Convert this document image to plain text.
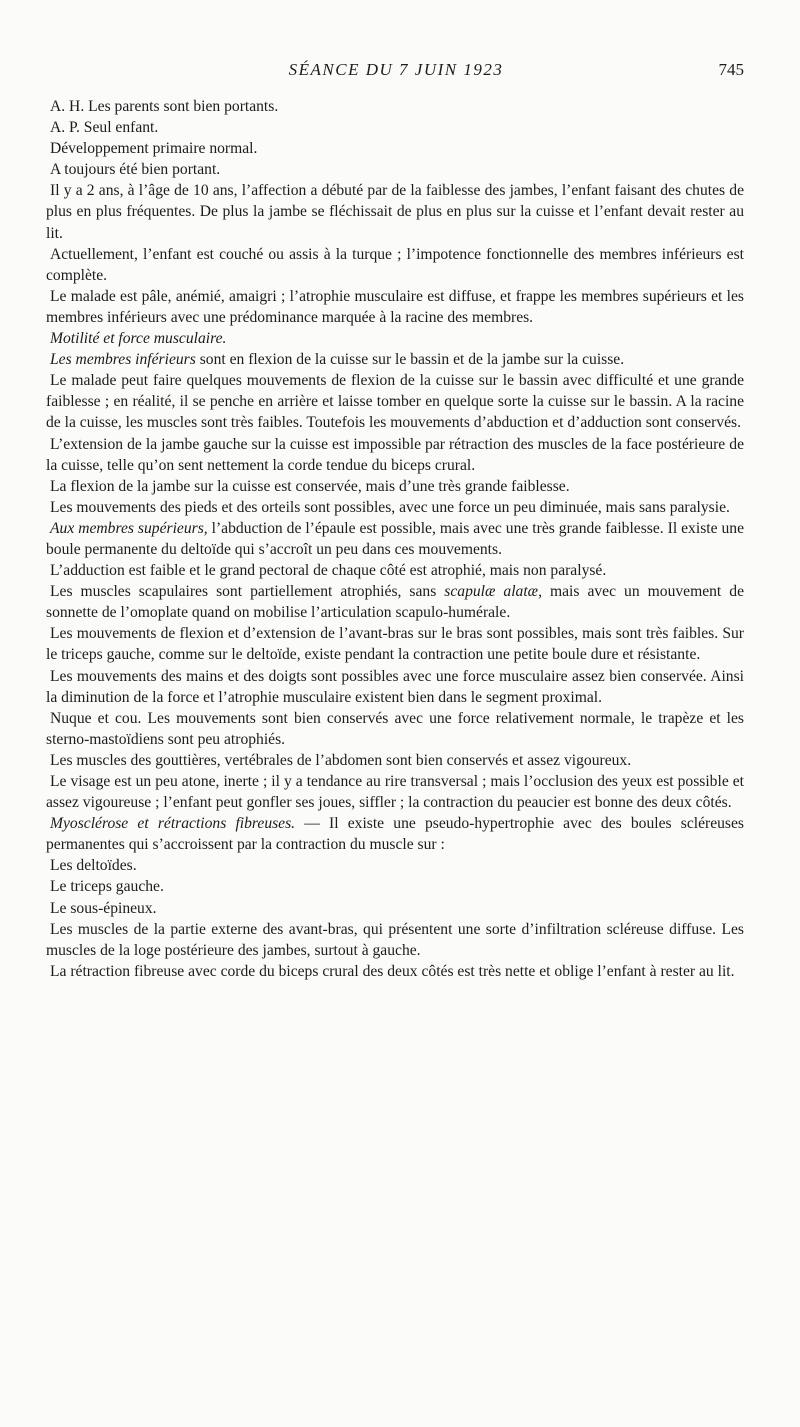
SÉANCE DU 7 JUIN 1923	745

A. H. Les parents sont bien portants.

A. P. Seul enfant.

Développement primaire normal.

A toujours été bien portant.

Il y a 2 ans, à l’âge de 10 ans, l’affection a débuté par de la faiblesse des jambes, l’enfant faisant des chutes de plus en plus fréquentes. De plus la jambe se fléchissait de plus en plus sur la cuisse et l’enfant devait rester au lit.

Actuellement, l’enfant est couché ou assis à la turque ; l’impotence fonctionnelle des membres inférieurs est complète.

Le malade est pâle, anémié, amaigri ; l’atrophie musculaire est diffuse, et frappe les membres supérieurs et les membres inférieurs avec une prédominance marquée à la racine des membres.

Motilité et force musculaire.

Les membres inférieurs sont en flexion de la cuisse sur le bassin et de la jambe sur la cuisse.

Le malade peut faire quelques mouvements de flexion de la cuisse sur le bassin avec difficulté et une grande faiblesse ; en réalité, il se penche en arrière et laisse tomber en quelque sorte la cuisse sur le bassin. A la racine de la cuisse, les muscles sont très faibles. Toutefois les mouvements d’abduction et d’adduction sont conservés.

L’extension de la jambe gauche sur la cuisse est impossible par rétraction des muscles de la face postérieure de la cuisse, telle qu’on sent nettement la corde tendue du biceps crural.

La flexion de la jambe sur la cuisse est conservée, mais d’une très grande faiblesse.

Les mouvements des pieds et des orteils sont possibles, avec une force un peu diminuée, mais sans paralysie.

Aux membres supérieurs, l’abduction de l’épaule est possible, mais avec une très grande faiblesse. Il existe une boule permanente du deltoïde qui s’accroît un peu dans ces mouvements.

L’adduction est faible et le grand pectoral de chaque côté est atrophié, mais non paralysé.

Les muscles scapulaires sont partiellement atrophiés, sans scapulæ alatæ, mais avec un mouvement de sonnette de l’omoplate quand on mobilise l’articulation scapulo-humérale.

Les mouvements de flexion et d’extension de l’avant-bras sur le bras sont possibles, mais sont très faibles. Sur le triceps gauche, comme sur le deltoïde, existe pendant la contraction une petite boule dure et résistante.

Les mouvements des mains et des doigts sont possibles avec une force musculaire assez bien conservée. Ainsi la diminution de la force et l’atrophie musculaire existent bien dans le segment proximal.

Nuque et cou. Les mouvements sont bien conservés avec une force relativement normale, le trapèze et les sterno-mastoïdiens sont peu atrophiés.

Les muscles des gouttières, vertébrales de l’abdomen sont bien conservés et assez vigoureux.

Le visage est un peu atone, inerte ; il y a tendance au rire transversal ; mais l’occlusion des yeux est possible et assez vigoureuse ; l’enfant peut gonfler ses joues, siffler ; la contraction du peaucier est bonne des deux côtés.

Myosclérose et rétractions fibreuses. — Il existe une pseudo-hypertrophie avec des boules scléreuses permanentes qui s’accroissent par la contraction du muscle sur :

Les deltoïdes.

Le triceps gauche.

Le sous-épineux.

Les muscles de la partie externe des avant-bras, qui présentent une sorte d’infiltration scléreuse diffuse. Les muscles de la loge postérieure des jambes, surtout à gauche.

La rétraction fibreuse avec corde du biceps crural des deux côtés est très nette et oblige l’enfant à rester au lit.
